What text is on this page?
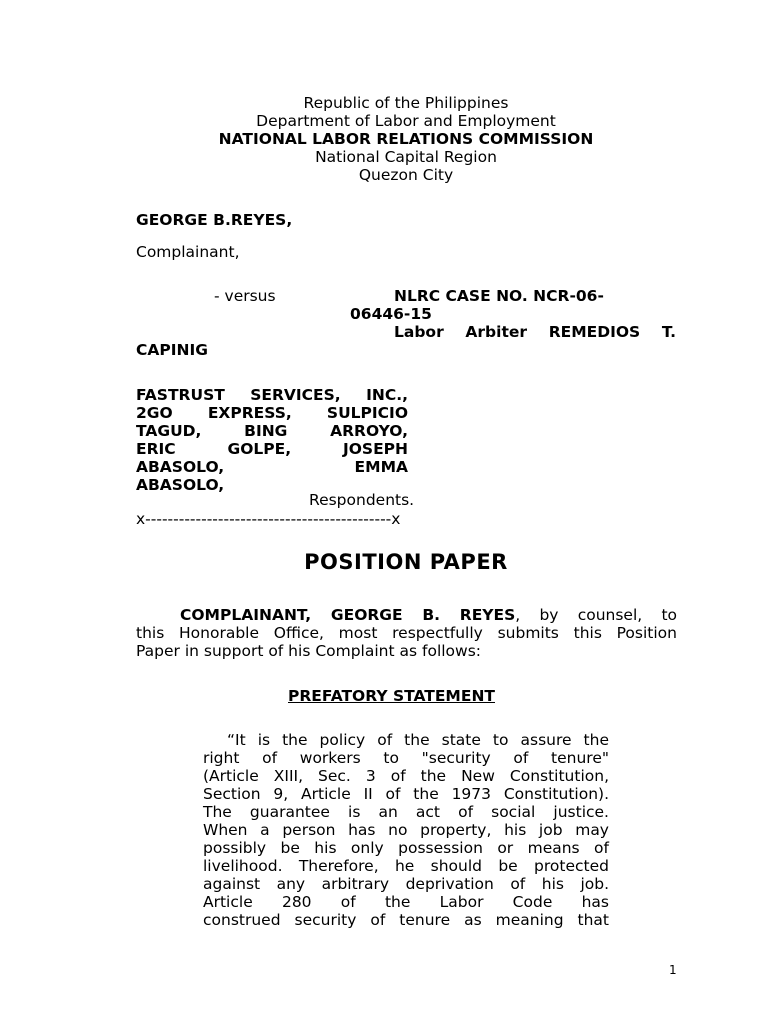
Republic of the Philippines
Department of Labor and Employment
NATIONAL LABOR RELATIONS COMMISSION
National Capital Region
Quezon City
GEORGE B.REYES,
Complainant,
- versus	NLRC CASE NO. NCR-06-
06446-15
Labor Arbiter REMEDIOS T.
CAPINIG
FASTRUST SERVICES, INC.,
2GO EXPRESS, SULPICIO
TAGUD, BING ARROYO,
ERIC GOLPE, JOSEPH
ABASOLO, EMMA
ABASOLO,
Respondents.
x--------------------------------------------x
POSITION PAPER
COMPLAINANT, GEORGE B. REYES, by counsel, to
this Honorable Office, most respectfully submits this Position
Paper in support of his Complaint as follows:
PREFATORY STATEMENT
“It is the policy of the state to assure the
right of workers to "security of tenure"
(Article XIII, Sec. 3 of the New Constitution,
Section 9, Article II of the 1973 Constitution).
The guarantee is an act of social justice.
When a person has no property, his job may
possibly be his only possession or means of
livelihood. Therefore, he should be protected
against any arbitrary deprivation of his job.
Article 280 of the Labor Code has
construed security of tenure as meaning that
1
